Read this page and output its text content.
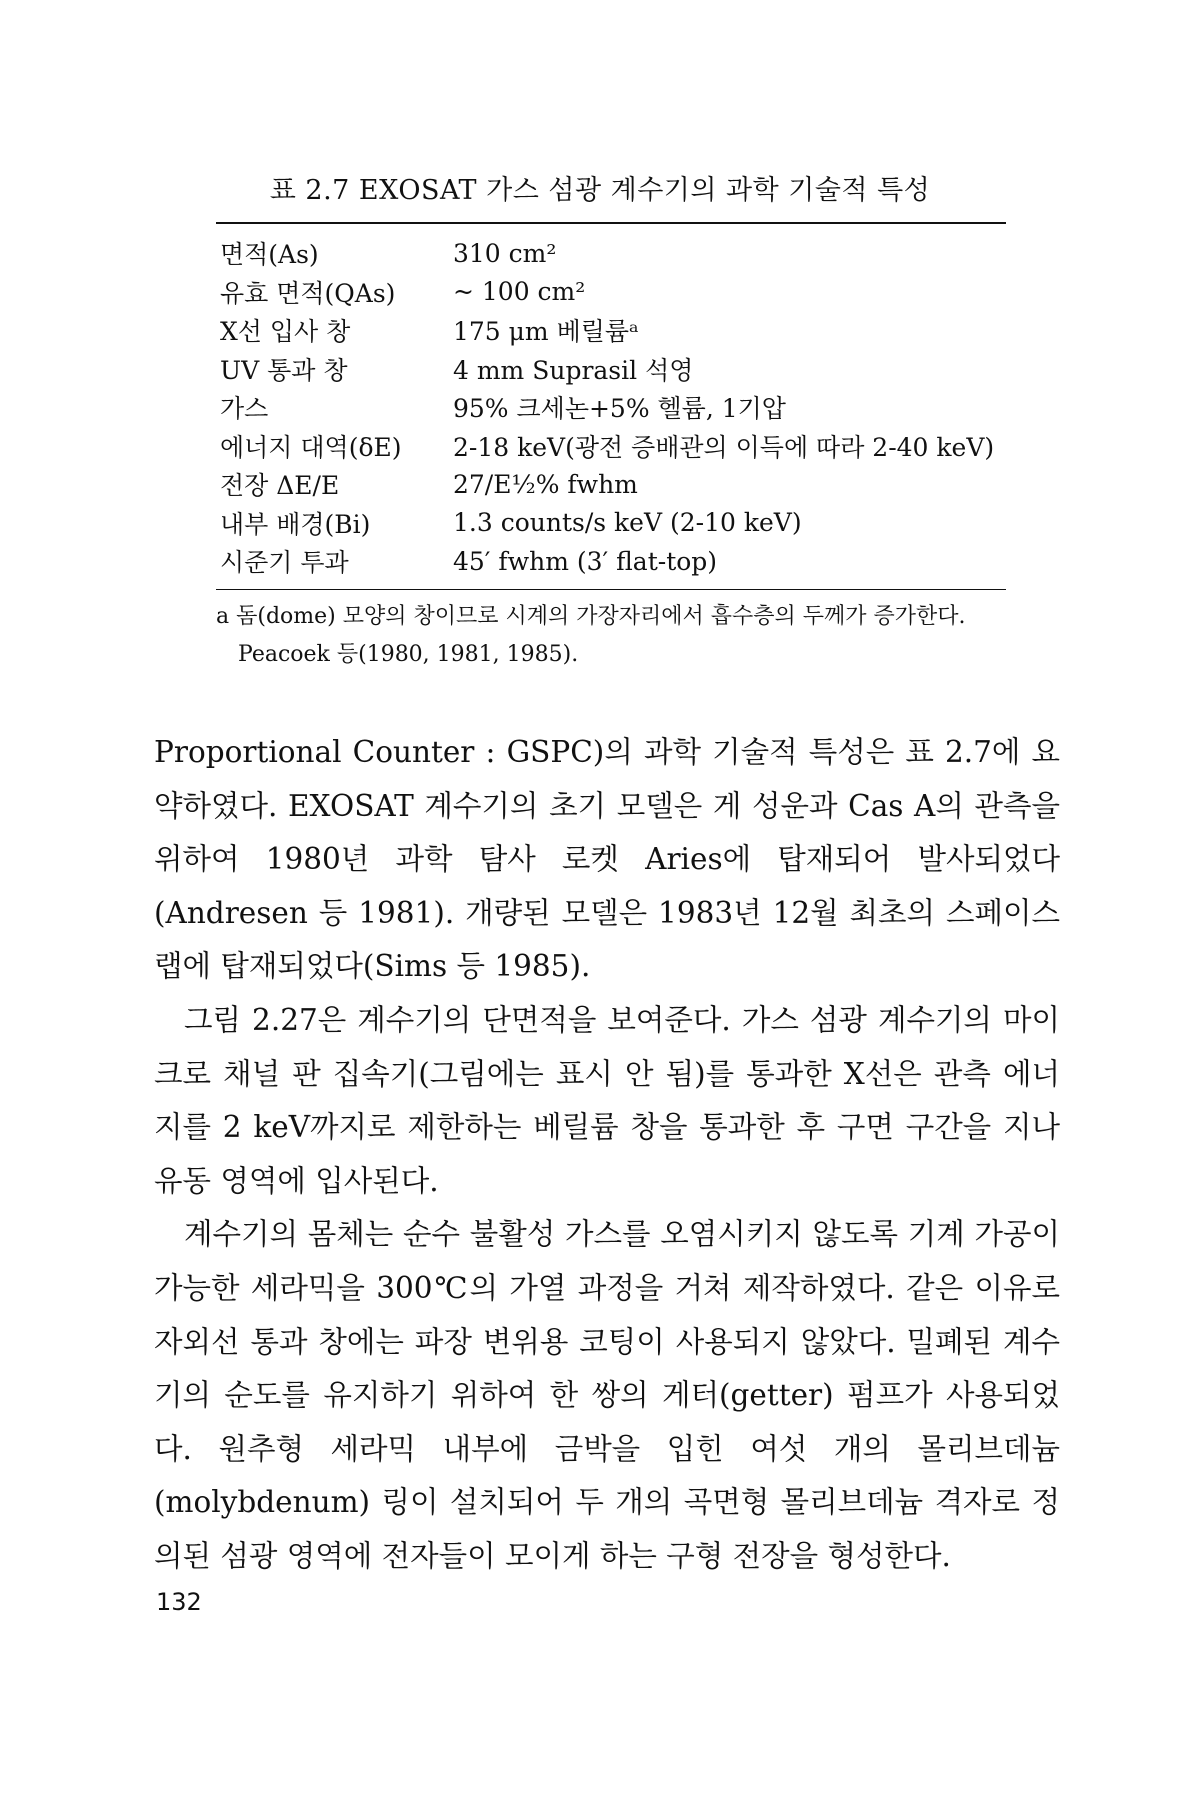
표 2.7 EXOSAT 가스 섬광 계수기의 과학 기술적 특성
면적(As)	310 cm²
유효 면적(QAs)	~ 100 cm²
X선 입사 창	175 μm 베릴륨ᵃ
UV 통과 창	4 mm Suprasil 석영
가스	95% 크세논+5% 헬륨, 1기압
에너지 대역(δE)	2-18 keV(광전 증배관의 이득에 따라 2-40 keV)
전장 ΔE/E	27/E½% fwhm
내부 배경(Bi)	1.3 counts/s keV (2-10 keV)
시준기 투과	45′ fwhm (3′ flat-top)
a 돔(dome) 모양의 창이므로 시계의 가장자리에서 흡수층의 두께가 증가한다.
Peacoek 등(1980, 1981, 1985).

Proportional Counter : GSPC)의 과학 기술적 특성은 표 2.7에 요약하였다. EXOSAT 계수기의 초기 모델은 게 성운과 Cas A의 관측을 위하여 1980년 과학 탐사 로켓 Aries에 탑재되어 발사되었다(Andresen 등 1981). 개량된 모델은 1983년 12월 최초의 스페이스랩에 탑재되었다(Sims 등 1985).

그림 2.27은 계수기의 단면적을 보여준다. 가스 섬광 계수기의 마이크로 채널 판 집속기(그림에는 표시 안 됨)를 통과한 X선은 관측 에너지를 2 keV까지로 제한하는 베릴륨 창을 통과한 후 구면 구간을 지나 유동 영역에 입사된다.

계수기의 몸체는 순수 불활성 가스를 오염시키지 않도록 기계 가공이 가능한 세라믹을 300℃의 가열 과정을 거쳐 제작하였다. 같은 이유로 자외선 통과 창에는 파장 변위용 코팅이 사용되지 않았다. 밀폐된 계수기의 순도를 유지하기 위하여 한 쌍의 게터(getter) 펌프가 사용되었다. 원추형 세라믹 내부에 금박을 입힌 여섯 개의 몰리브데늄(molybdenum) 링이 설치되어 두 개의 곡면형 몰리브데늄 격자로 정의된 섬광 영역에 전자들이 모이게 하는 구형 전장을 형성한다.

132
